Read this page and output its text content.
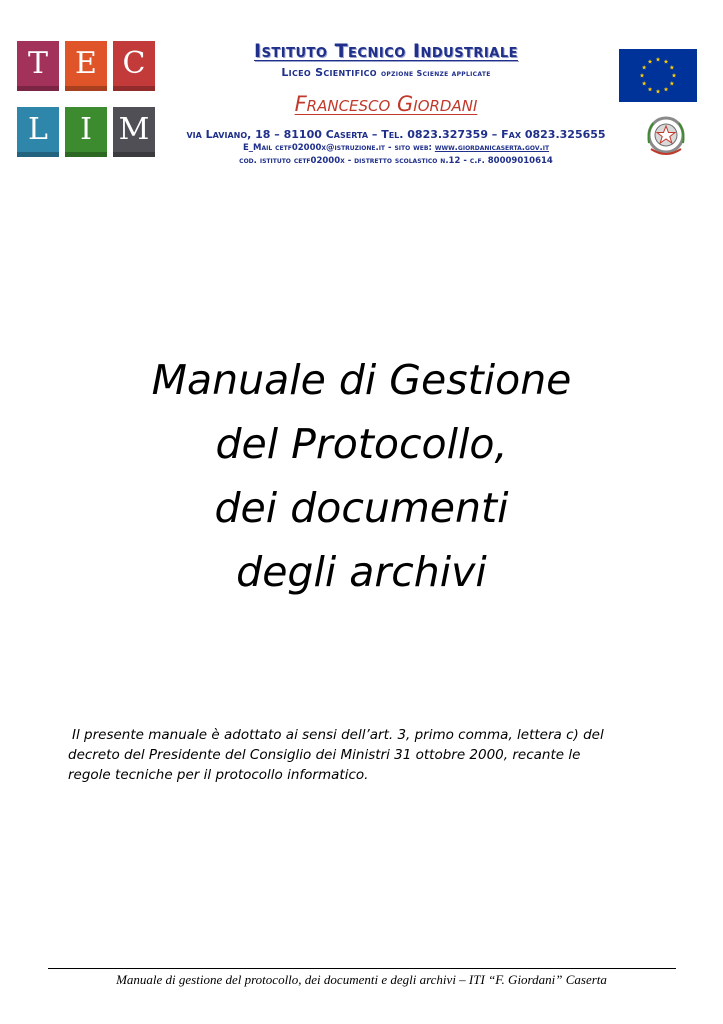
T E C
L I M
Istituto Tecnico Industriale
Liceo Scientifico opzione Scienze applicate
Francesco Giordani
via Laviano, 18 – 81100 Caserta – Tel. 0823.327359 – Fax 0823.325655
E_Mail cetf02000x@istruzione.it - sito web: www.giordanicaserta.gov.it
cod. istituto cetf02000x - distretto scolastico n.12 - c.f. 80009010614
Manuale di Gestione
del Protocollo,
dei documenti
degli archivi
Il presente manuale è adottato ai sensi dell’art. 3, primo comma, lettera c) del
decreto del Presidente del Consiglio dei Ministri 31 ottobre 2000, recante le
regole tecniche per il protocollo informatico.
Manuale di gestione del protocollo, dei documenti e degli archivi – ITI “F. Giordani” Caserta
